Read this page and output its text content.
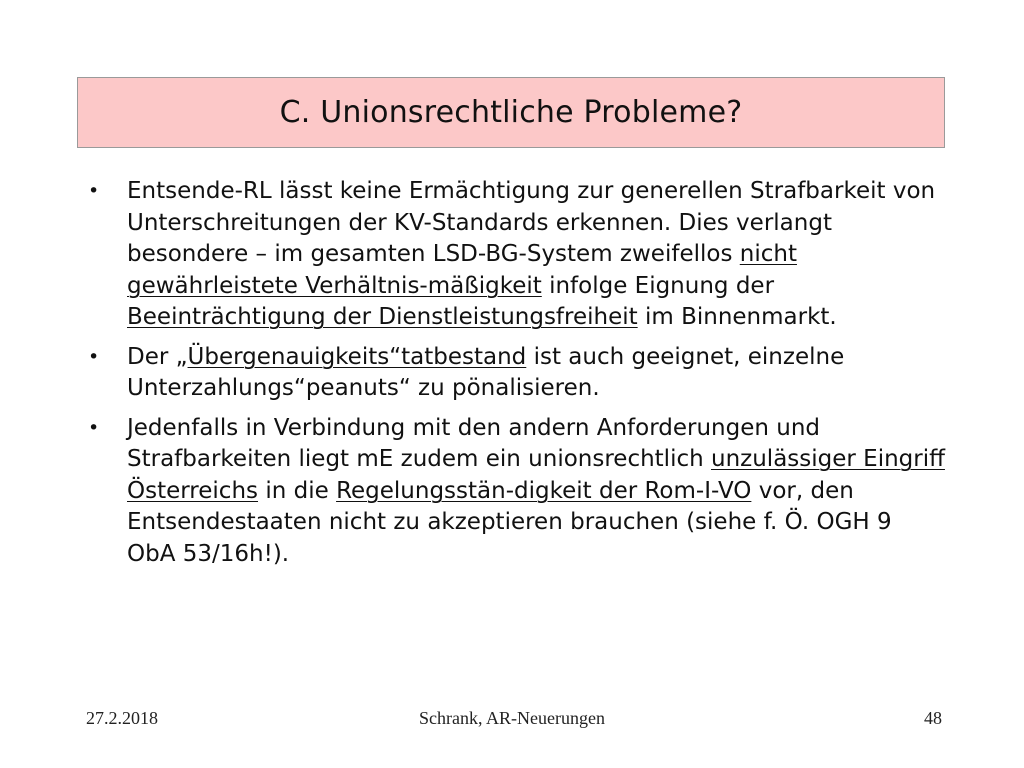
C. Unionsrechtliche Probleme?
• Entsende-RL lässt keine Ermächtigung zur generellen Strafbarkeit von Unterschreitungen der KV-Standards erkennen. Dies verlangt besondere – im gesamten LSD-BG-System zweifellos nicht gewährleistete Verhältnis-mäßigkeit infolge Eignung der Beeinträchtigung der Dienstleistungsfreiheit im Binnenmarkt.
• Der „Übergenauigkeits“tatbestand ist auch geeignet, einzelne Unterzahlungs“peanuts“ zu pönalisieren.
• Jedenfalls in Verbindung mit den andern Anforderungen und Strafbarkeiten liegt mE zudem ein unionsrechtlich unzulässiger Eingriff Österreichs in die Regelungsstän-digkeit der Rom-I-VO vor, den Entsendestaaten nicht zu akzeptieren brauchen (siehe f. Ö. OGH 9 ObA 53/16h!).
27.2.2018	Schrank, AR-Neuerungen	48
